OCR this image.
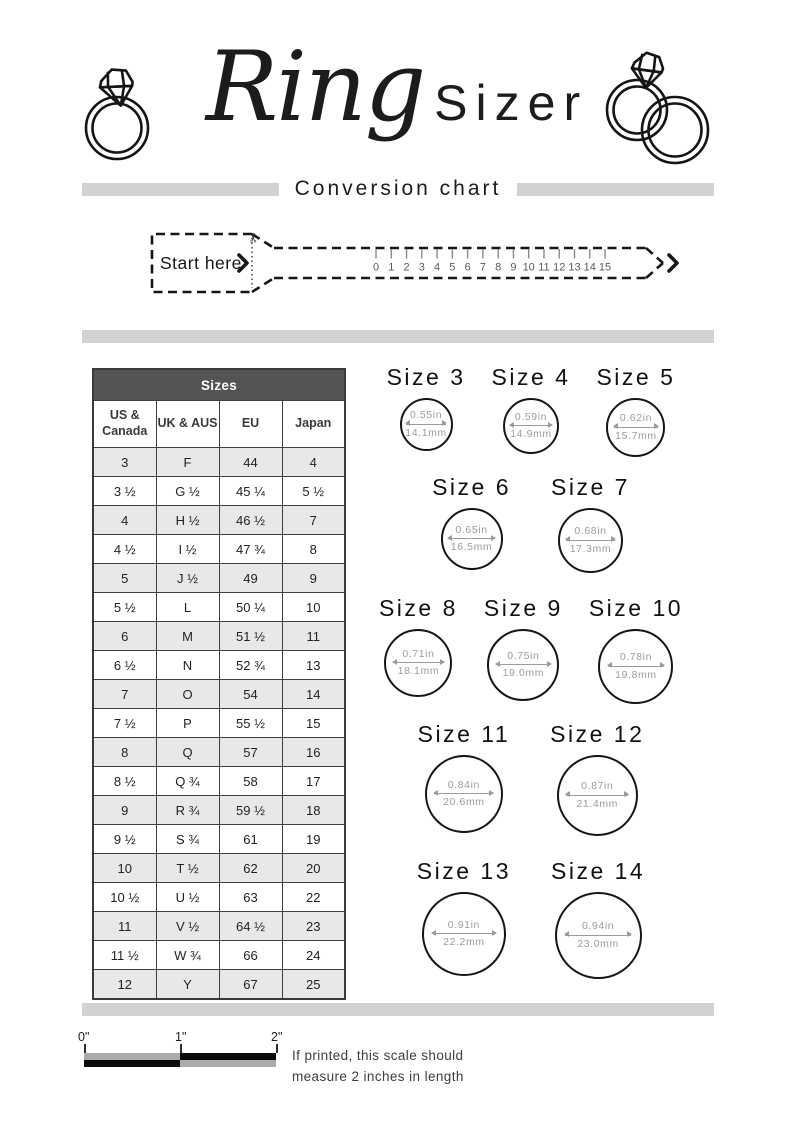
Ring Sizer
Conversion chart
Start here
✂
0 1 2 3 4 5 6 7 8 9 10 11 12 13 14 15
Sizes			
US & Canada	UK & AUS	EU	Japan
3	F	44	4
3 ½	G ½	45 ¼	5 ½
4	H ½	46 ½	7
4 ½	I ½	47 ¾	8
5	J ½	49	9
5 ½	L	50 ¼	10
6	M	51 ½	11
6 ½	N	52 ¾	13
7	O	54	14
7 ½	P	55 ½	15
8	Q	57	16
8 ½	Q ¾	58	17
9	R ¾	59 ½	18
9 ½	S ¾	61	19
10	T ½	62	20
10 ½	U ½	63	22
11	V ½	64 ½	23
11 ½	W ¾	66	24
12	Y	67	25
Size 3
0.55in
14.1mm
Size 4
0.59in
14.9mm
Size 5
0.62in
15.7mm
Size 6
0.65in
16.5mm
Size 7
0.68in
17.3mm
Size 8
0.71in
18.1mm
Size 9
0.75in
19.0mm
Size 10
0.78in
19.8mm
Size 11
0.84in
20.6mm
Size 12
0.87in
21.4mm
Size 13
0.91in
22.2mm
Size 14
0.94in
23.0mm
0"	1"	2"
If printed, this scale should
measure 2 inches in length
